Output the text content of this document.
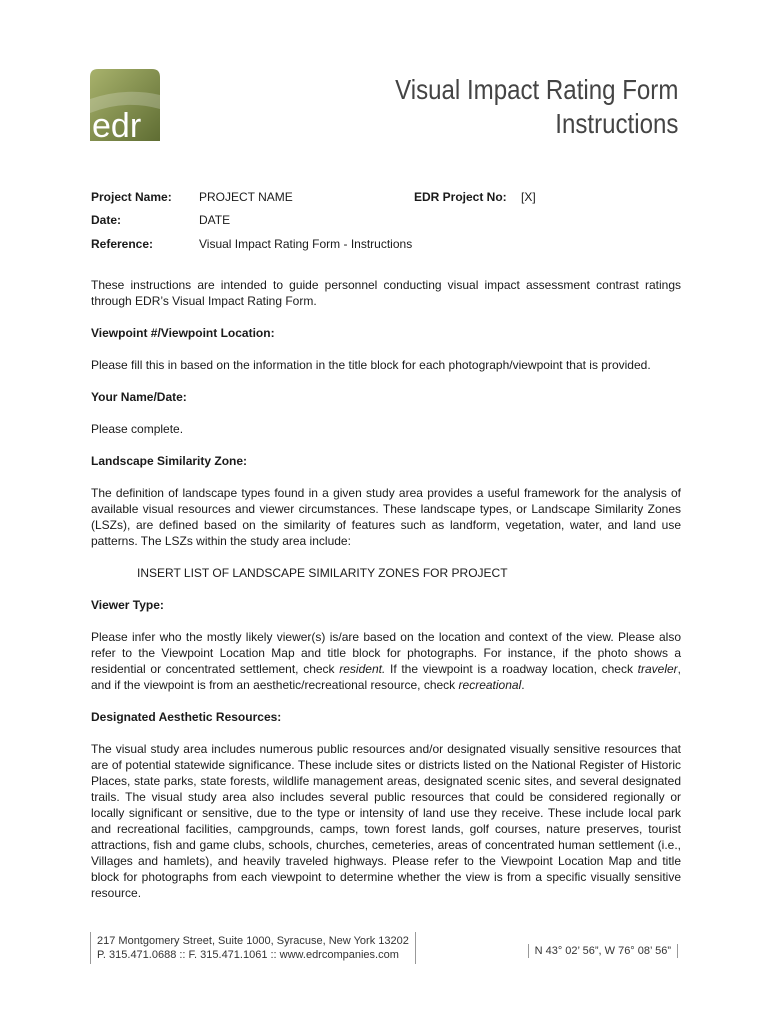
edr
Visual Impact Rating Form
Instructions
Project Name: PROJECT NAME	EDR Project No: [X]
Date:	DATE
Reference:	Visual Impact Rating Form - Instructions

These instructions are intended to guide personnel conducting visual impact assessment contrast ratings through EDR’s Visual Impact Rating Form.

Viewpoint #/Viewpoint Location:

Please fill this in based on the information in the title block for each photograph/viewpoint that is provided.

Your Name/Date:

Please complete.

Landscape Similarity Zone:

The definition of landscape types found in a given study area provides a useful framework for the analysis of available visual resources and viewer circumstances. These landscape types, or Landscape Similarity Zones (LSZs), are defined based on the similarity of features such as landform, vegetation, water, and land use patterns. The LSZs within the study area include:

INSERT LIST OF LANDSCAPE SIMILARITY ZONES FOR PROJECT

Viewer Type:

Please infer who the mostly likely viewer(s) is/are based on the location and context of the view. Please also refer to the Viewpoint Location Map and title block for photographs. For instance, if the photo shows a residential or concentrated settlement, check resident. If the viewpoint is a roadway location, check traveler, and if the viewpoint is from an aesthetic/recreational resource, check recreational.

Designated Aesthetic Resources:

The visual study area includes numerous public resources and/or designated visually sensitive resources that are of potential statewide significance. These include sites or districts listed on the National Register of Historic Places, state parks, state forests, wildlife management areas, designated scenic sites, and several designated trails. The visual study area also includes several public resources that could be considered regionally or locally significant or sensitive, due to the type or intensity of land use they receive. These include local park and recreational facilities, campgrounds, camps, town forest lands, golf courses, nature preserves, tourist attractions, fish and game clubs, schools, churches, cemeteries, areas of concentrated human settlement (i.e., Villages and hamlets), and heavily traveled highways. Please refer to the Viewpoint Location Map and title block for photographs from each viewpoint to determine whether the view is from a specific visually sensitive resource.

217 Montgomery Street, Suite 1000, Syracuse, New York 13202
P. 315.471.0688 :: F. 315.471.1061 :: www.edrcompanies.com	N 43° 02’ 56”, W 76° 08’ 56”
